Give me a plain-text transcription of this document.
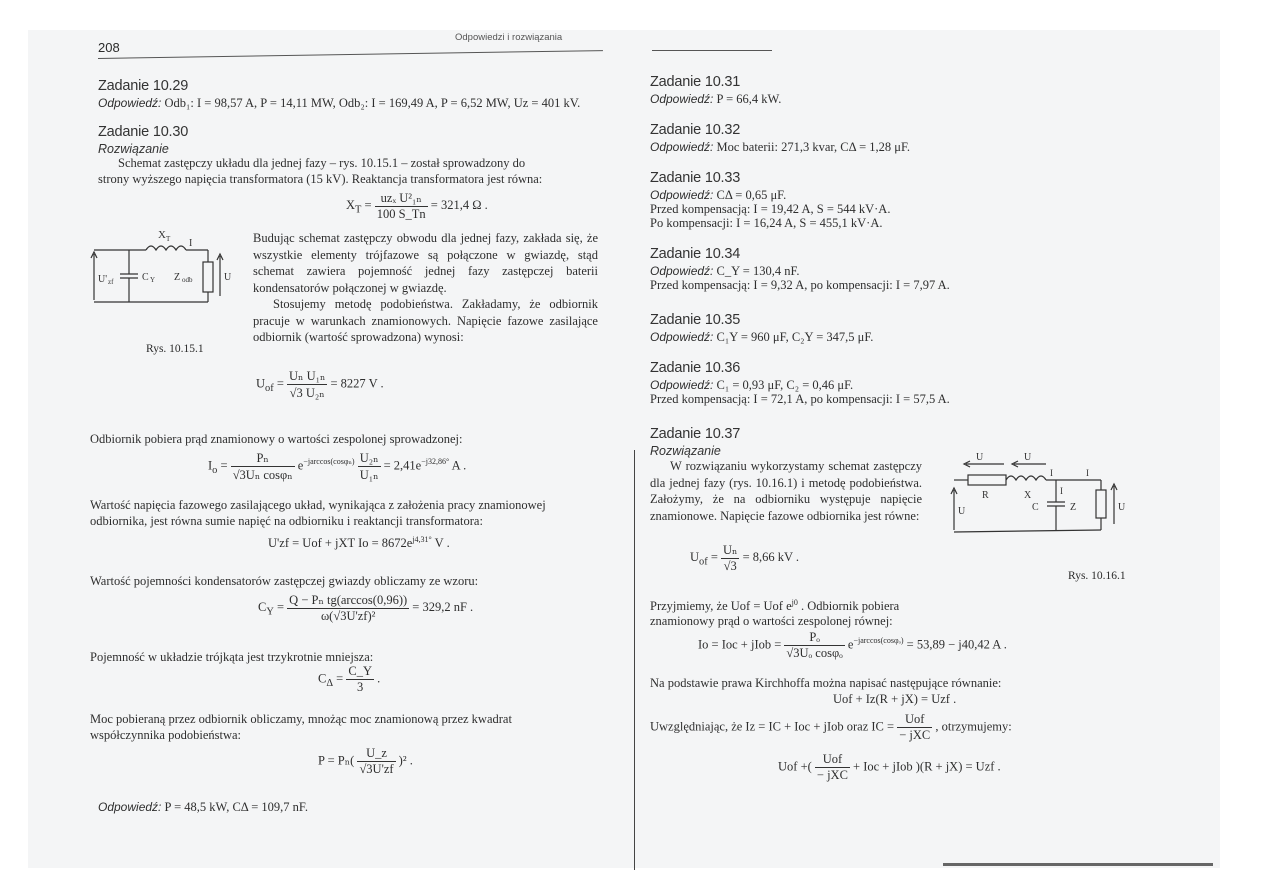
Odpowiedzi i rozwiązania
208
Zadanie 10.29
Odpowiedź: Odb₁: I = 98,57 A, P = 14,11 MW, Odb₂: I = 169,49 A, P = 6,52 MW, Uz = 401 kV.
Zadanie 10.30
Rozwiązanie
Schemat zastępczy układu dla jednej fazy – rys. 10.15.1 – został sprowadzony do
strony wyższego napięcia transformatora (15 kV). Reaktancja transformatora jest równa:
$X_T = \frac{\text{uzₓ U²₁ₙ}}{100 S\_Tn} = 321,4$ Ω .
X T I
U' zf	C Y Z odb	U
Rys. 10.15.1
Budując schemat zastępczy obwodu dla jednej fazy, zakłada się, że wszystkie elementy trójfazowe są połączone w gwiazdę, stąd schemat zawiera pojemność jednej fazy zastępczej baterii kondensatorów połączonej w gwiazdę.
Stosujemy metodę podobieństwa. Zakładamy, że odbiornik pracuje w warunkach znamionowych. Napięcie fazowe zasilające odbiornik (wartość sprowadzona) wynosi:
$U_{of} = \frac{\text{Uₙ U₁ₙ}}{\text{√3 U₂ₙ}} = 8227$ V .
Odbiornik pobiera prąd znamionowy o wartości zespolonej sprowadzonej:
$I_o = \frac{\text{Pₙ}}{\text{√3Uₙ cosφₙ}} e^{-jarccos(cos\varphi_n)} \frac{\text{U₂ₙ}}{\text{U₁ₙ}} = 2,41e^{-j32,86^\circ}$ A .
Wartość napięcia fazowego zasilającego układ, wynikająca z założenia pracy znamionowej
odbiornika, jest równa sumie napięć na odbiorniku i reaktancji transformatora:
U'zf = Uof + jXT $Io = 8672e^{j4,31^\circ}$ V .
Wartość pojemności kondensatorów zastępczej gwiazdy obliczamy ze wzoru:
$C_Y = \frac{\text{Q − Pₙ tg(arccos(0,96))}}{\text{ω(√3U'zf)²}} = 329,2$ nF .
Pojemność w układzie trójkąta jest trzykrotnie mniejsza:
$C_\Delta = \frac{C\_Y}{3}$ .
Moc pobieraną przez odbiornik obliczamy, mnożąc moc znamionową przez kwadrat
współczynnika podobieństwa:
$P = P_n( \frac{U\_z}{√3U'zf} )^2$ .
Odpowiedź: P = 48,5 kW, CΔ = 109,7 nF.
Zadanie 10.31
Odpowiedź: P = 66,4 kW.
Zadanie 10.32
Odpowiedź: Moc baterii: 271,3 kvar, CΔ = 1,28 μF.
Zadanie 10.33
Odpowiedź: CΔ = 0,65 μF.
Przed kompensacją: I = 19,42 A, S = 544 kV·A.
Po kompensacji: I = 16,24 A, S = 455,1 kV·A.
Zadanie 10.34
Odpowiedź: C_Y = 130,4 nF.
Przed kompensacją: I = 9,32 A, po kompensacji: I = 7,97 A.
Zadanie 10.35
Odpowiedź: C₁Y = 960 μF, C₂Y = 347,5 μF.
Zadanie 10.36
Odpowiedź: C₁ = 0,93 μF, C₂ = 0,46 μF.
Przed kompensacją: I = 72,1 A, po kompensacji: I = 57,5 A.
Zadanie 10.37
Rozwiązanie
W rozwiązaniu wykorzystamy schemat zastępczy dla jednej fazy (rys. 10.16.1) i metodę podobieństwa. Założymy, że na odbiorniku występuje napięcie znamionowe. Napięcie fazowe odbiornika jest równe:
$U_{of} = \frac{\text{Uₙ}}{√3} = 8,66$ kV .
U	U
I	I
R	X	I
C	Z
U	U
Rys. 10.16.1
Przyjmiemy, że Uof = Uof $e^{j0}$ . Odbiornik pobiera
znamionowy prąd o wartości zespolonej równej:
Io = Ioc + jIob = $\frac{\text{Pₒ}}{\text{√3Uₒ cosφₒ}} e^{-jarccos(cos\varphi_o)} = 53,89 - j40,42$ A .
Na podstawie prawa Kirchhoffa można napisać następujące równanie:
Uof + Iz(R + jX) = Uzf .
Uwzględniając, że Iz = IC + Ioc + jIob oraz IC = $\frac{\text{Uof}}{\text{− jXC}}$ , otrzymujemy:
Uof +( $\frac{\text{Uof}}{\text{− jXC}}$ + Ioc + jIob )(R + jX) = Uzf .
